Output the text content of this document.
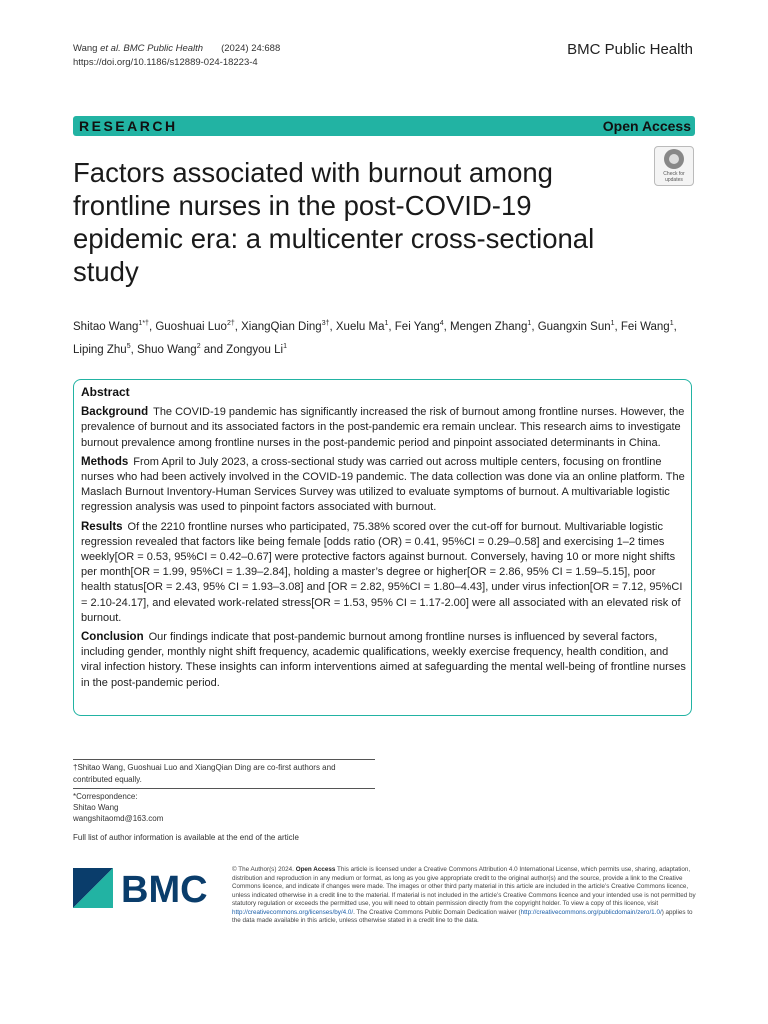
Wang et al. BMC Public Health (2024) 24:688
https://doi.org/10.1186/s12889-024-18223-4
BMC Public Health
RESEARCH	Open Access
Factors associated with burnout among frontline nurses in the post-COVID-19 epidemic era: a multicenter cross-sectional study
Check for updates
Shitao Wang$^{1*\dagger}$, Guoshuai Luo$^{2\dagger}$, XiangQian Ding$^{3\dagger}$, Xuelu Ma$^1$, Fei Yang$^4$, Mengen Zhang$^1$, Guangxin Sun$^1$, Fei Wang$^1$, Liping Zhu$^5$, Shuo Wang$^2$ and Zongyou Li$^1$
Abstract

Background The COVID-19 pandemic has significantly increased the risk of burnout among frontline nurses. However, the prevalence of burnout and its associated factors in the post-pandemic era remain unclear. This research aims to investigate burnout prevalence among frontline nurses in the post-pandemic period and pinpoint associated determinants in China.

Methods From April to July 2023, a cross-sectional study was carried out across multiple centers, focusing on frontline nurses who had been actively involved in the COVID-19 pandemic. The data collection was done via an online platform. The Maslach Burnout Inventory-Human Services Survey was utilized to evaluate symptoms of burnout. A multivariable logistic regression analysis was used to pinpoint factors associated with burnout.

Results Of the 2210 frontline nurses who participated, 75.38% scored over the cut-off for burnout. Multivariable logistic regression revealed that factors like being female [odds ratio (OR) = 0.41, 95%CI = 0.29–0.58] and exercising 1–2 times weekly[OR = 0.53, 95%CI = 0.42–0.67] were protective factors against burnout. Conversely, having 10 or more night shifts per month[OR = 1.99, 95%CI = 1.39–2.84], holding a master’s degree or higher[OR = 2.86, 95% CI = 1.59–5.15], poor health status[OR = 2.43, 95% CI = 1.93–3.08] and [OR = 2.82, 95%CI = 1.80–4.43], under virus infection[OR = 7.12, 95%CI = 2.10-24.17], and elevated work-related stress[OR = 1.53, 95% CI = 1.17-2.00] were all associated with an elevated risk of burnout.

Conclusion Our findings indicate that post-pandemic burnout among frontline nurses is influenced by several factors, including gender, monthly night shift frequency, academic qualifications, weekly exercise frequency, health condition, and viral infection history. These insights can inform interventions aimed at safeguarding the mental well-being of frontline nurses in the post-pandemic period.

†Shitao Wang, Guoshuai Luo and XiangQian Ding are co-first authors and contributed equally.
*Correspondence:
Shitao Wang
wangshitaomd@163.com
Full list of author information is available at the end of the article
BMC	© The Author(s) 2024. Open Access This article is licensed under a Creative Commons Attribution 4.0 International License, which permits use, sharing, adaptation, distribution and reproduction in any medium or format, as long as you give appropriate credit to the original author(s) and the source, provide a link to the Creative Commons licence, and indicate if changes were made. The images or other third party material in this article are included in the article’s Creative Commons licence, unless indicated otherwise in a credit line to the material. If material is not included in the article’s Creative Commons licence and your intended use is not permitted by statutory regulation or exceeds the permitted use, you will need to obtain permission directly from the copyright holder. To view a copy of this licence, visit http://creativecommons.org/licenses/by/4.0/. The Creative Commons Public Domain Dedication waiver (http://creativecommons.org/publicdomain/zero/1.0/) applies to the data made available in this article, unless otherwise stated in a credit line to the data.
